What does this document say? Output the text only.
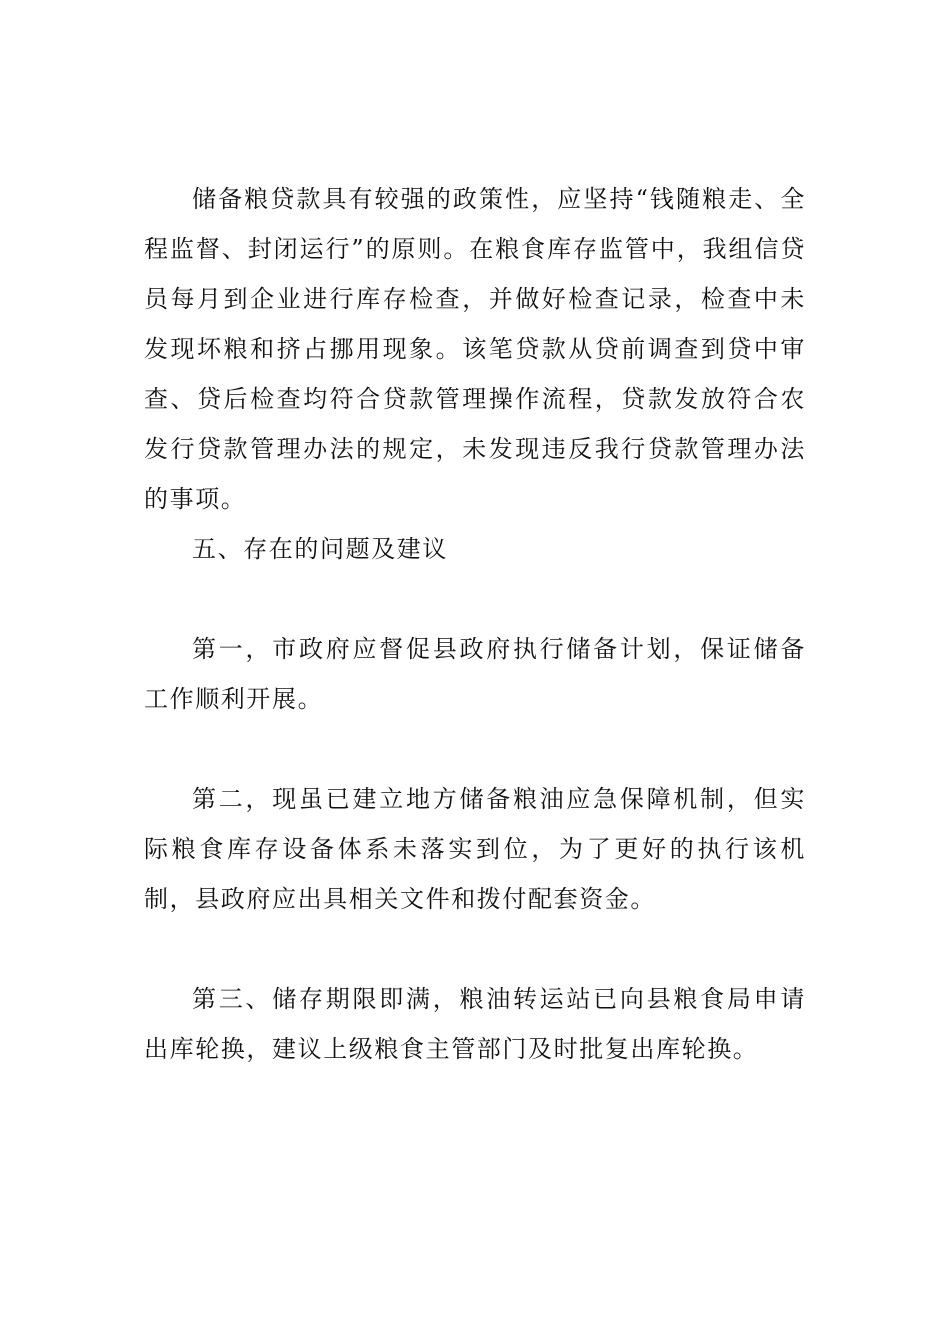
储备粮贷款具有较强的政策性，应坚持“钱随粮走、全程监督、封闭运行”的原则。在粮食库存监管中，我组信贷员每月到企业进行库存检查，并做好检查记录，检查中未发现坏粮和挤占挪用现象。该笔贷款从贷前调查到贷中审查、贷后检查均符合贷款管理操作流程，贷款发放符合农发行贷款管理办法的规定，未发现违反我行贷款管理办法的事项。

五、存在的问题及建议

第一，市政府应督促县政府执行储备计划，保证储备工作顺利开展。

第二，现虽已建立地方储备粮油应急保障机制，但实际粮食库存设备体系未落实到位，为了更好的执行该机制，县政府应出具相关文件和拨付配套资金。

第三、储存期限即满，粮油转运站已向县粮食局申请出库轮换，建议上级粮食主管部门及时批复出库轮换。
